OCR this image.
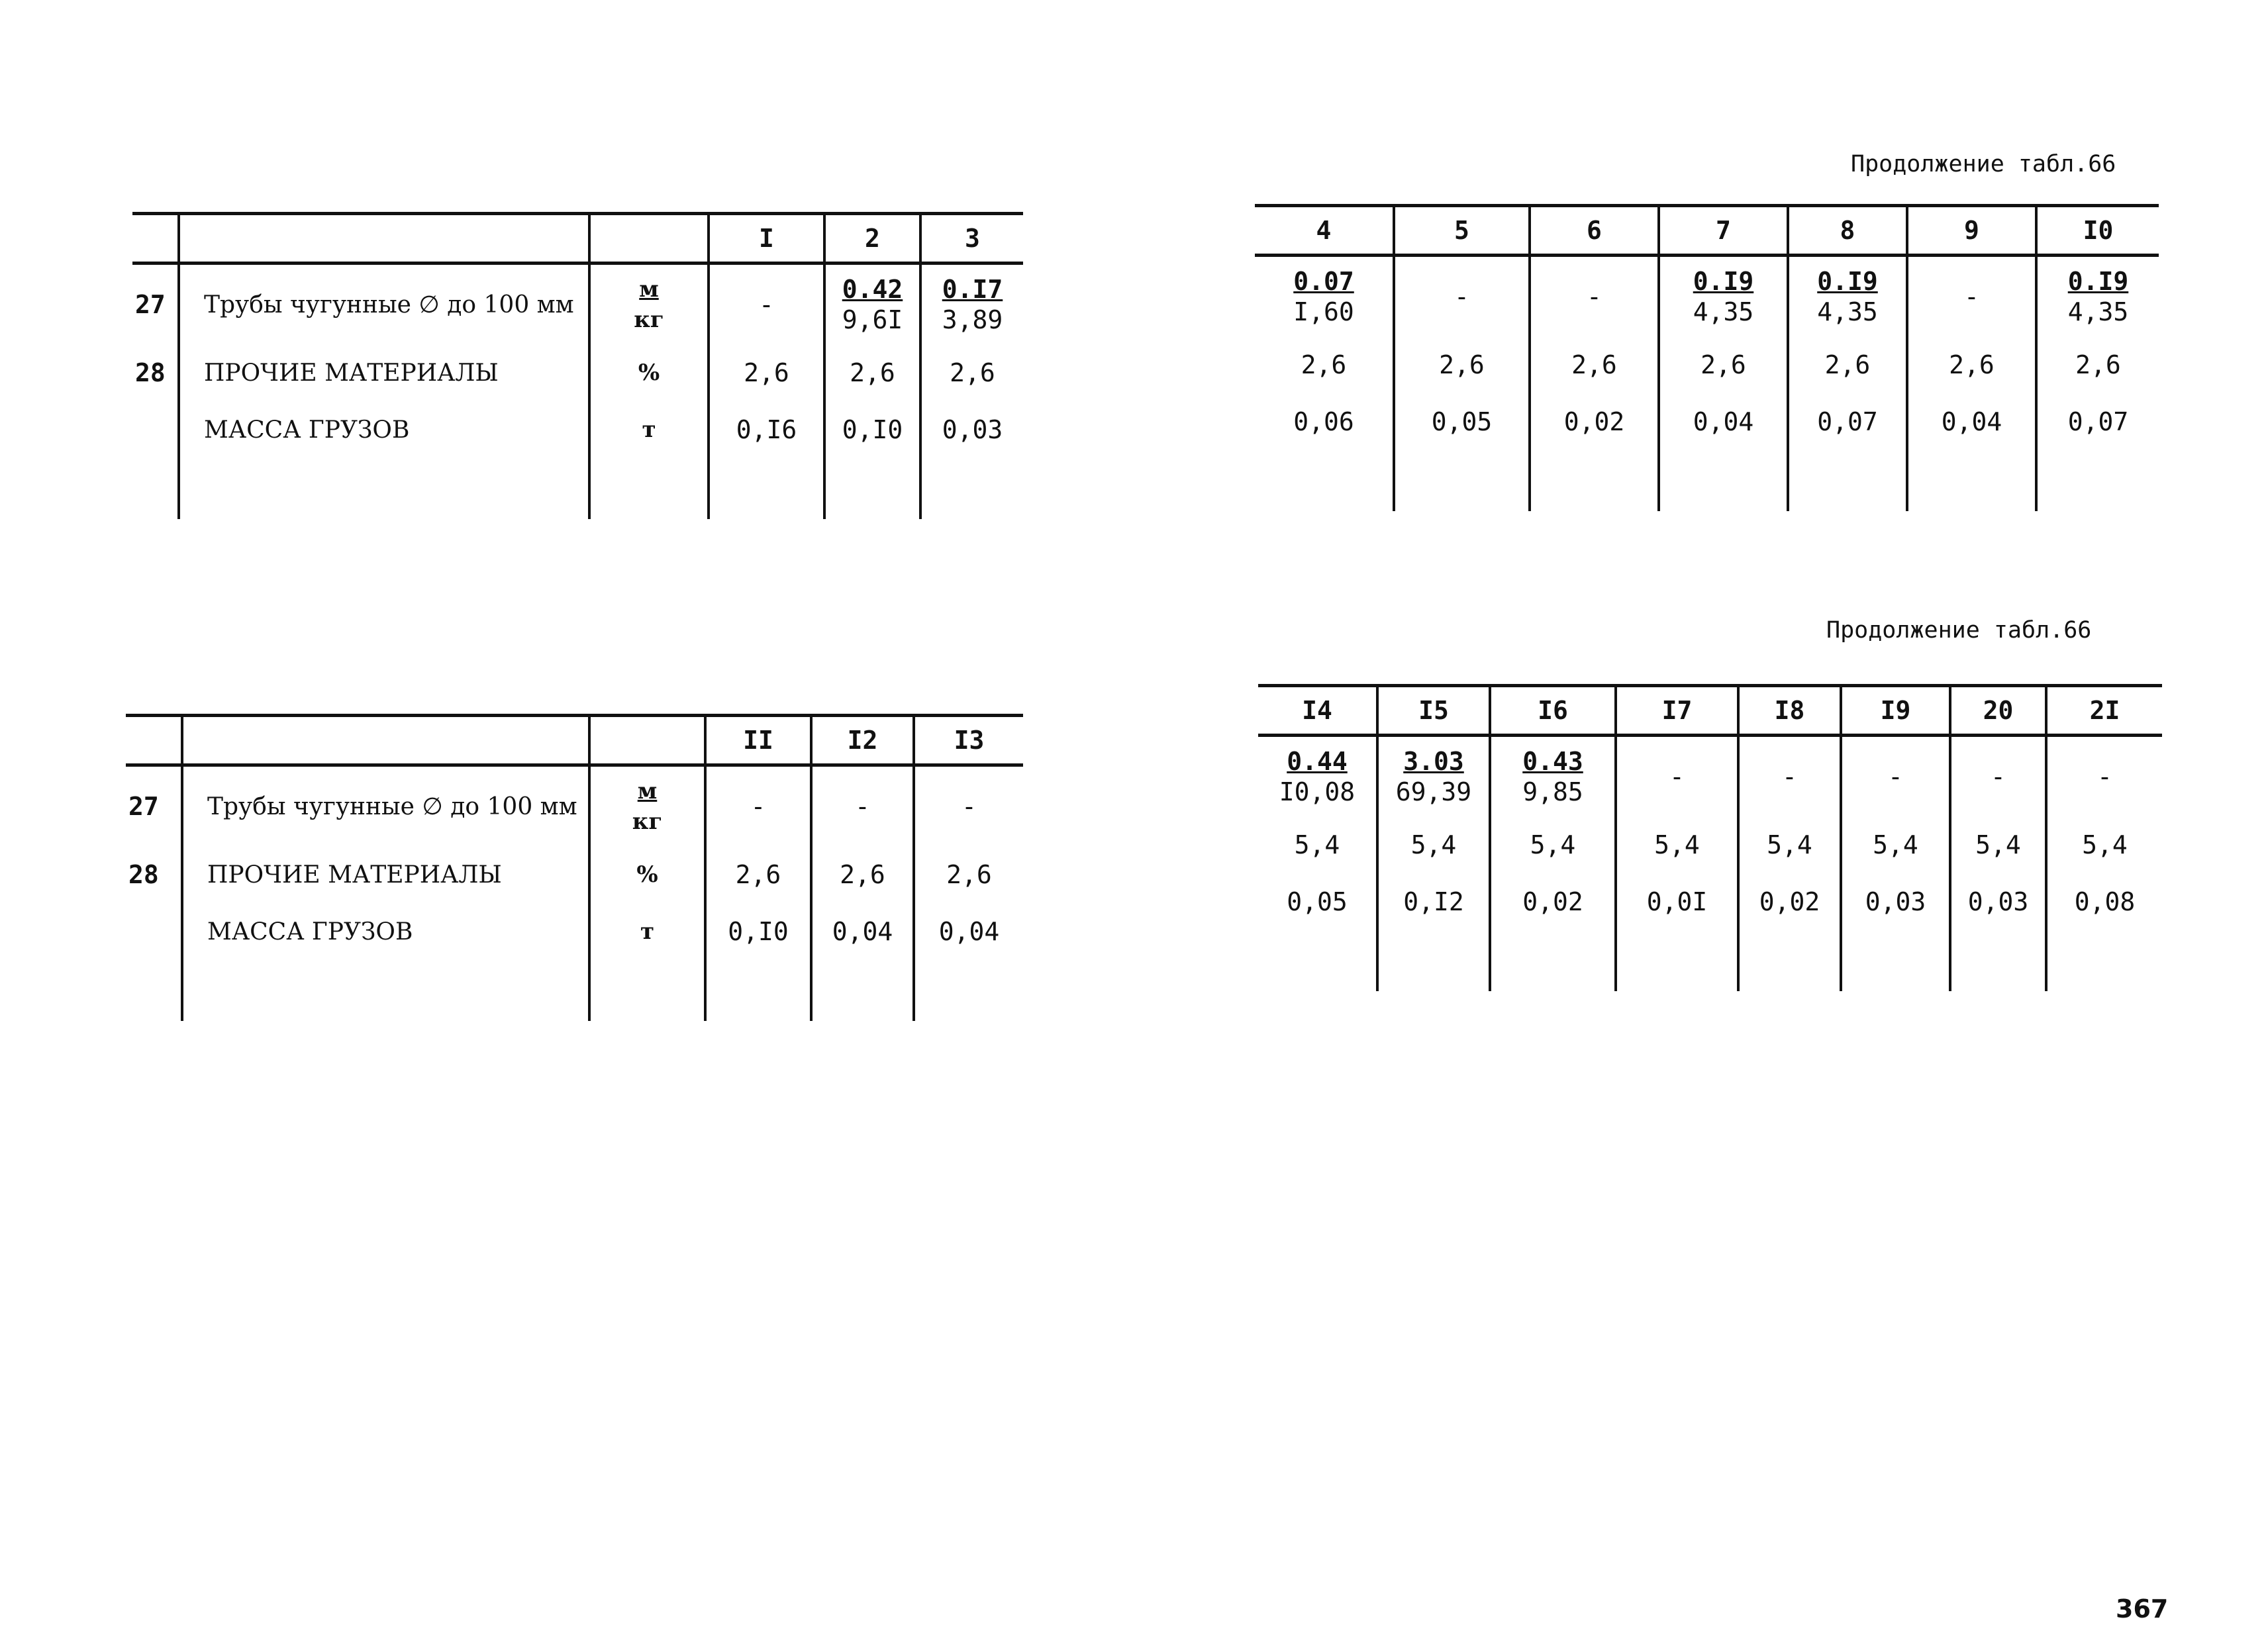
Продолжение табл.66
Продолжение табл.66
			I	2	3
27	Трубы чугунные ∅ до 100 мм	$\frac{м}{кг}$	-	$\frac{0.42}{9,6I}$	$\frac{0.I7}{3,89}$

28	ПРОЧИЕ МАТЕРИАЛЫ	%	2,6	2,6	2,6
	МАССА ГРУЗОВ	т	0,I6	0,I0	0,03

4	5	6	7	8	9	I0

$\frac{0.07}{I,60}$	-	-	$\frac{0.I9}{4,35}$	$\frac{0.I9}{4,35}$	-	$\frac{0.I9}{4,35}$

2,6	2,6	2,6	2,6	2,6	2,6	2,6
0,06	0,05	0,02	0,04	0,07	0,04	0,07

			II	I2	I3
27	Трубы чугунные ∅ до 100 мм	$\frac{м}{кг}$	-	-	-

28	ПРОЧИЕ МАТЕРИАЛЫ	%	2,6	2,6	2,6
	МАССА ГРУЗОВ	т	0,I0	0,04	0,04

I4	I5	I6	I7	I8	I9	20	2I

$\frac{0.44}{I0,08}$	$\frac{3.03}{69,39}$	$\frac{0.43}{9,85}$	-	-	-	-	-

5,4	5,4	5,4	5,4	5,4	5,4	5,4	5,4
0,05	0,I2	0,02	0,0I	0,02	0,03	0,03	0,08

367
